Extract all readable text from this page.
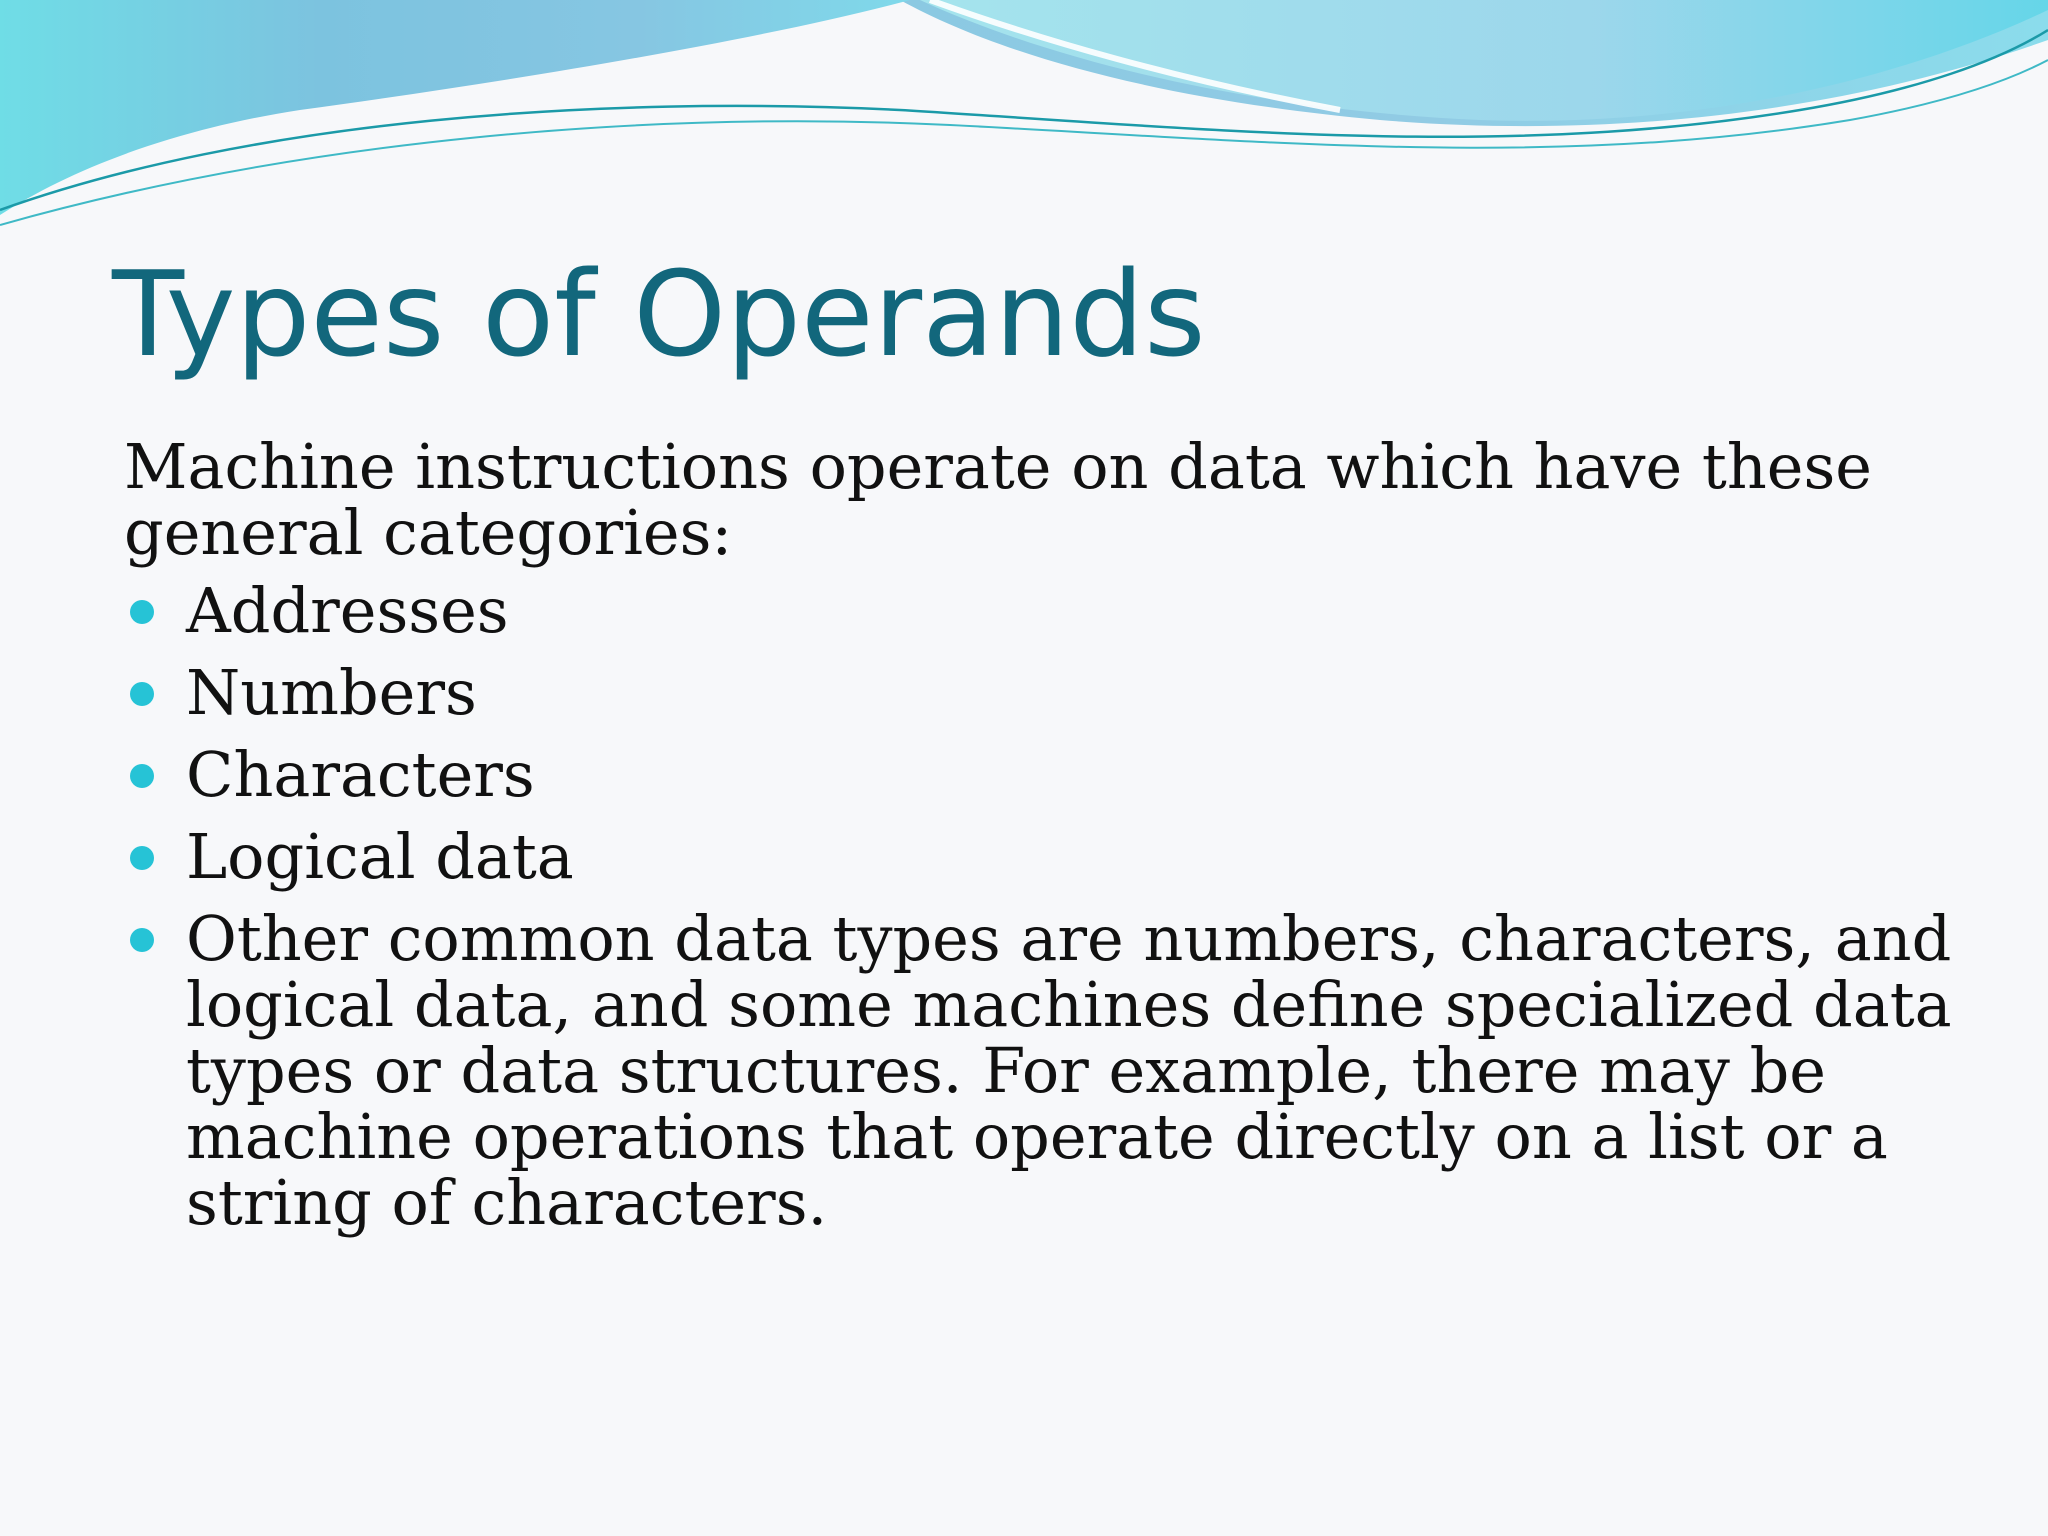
Types of Operands

Machine instructions operate on data which have these
general categories:

Addresses
Numbers
Characters
Logical data
Other common data types are numbers, characters, and
logical data, and some machines define specialized data
types or data structures. For example, there may be
machine operations that operate directly on a list or a
string of characters.
